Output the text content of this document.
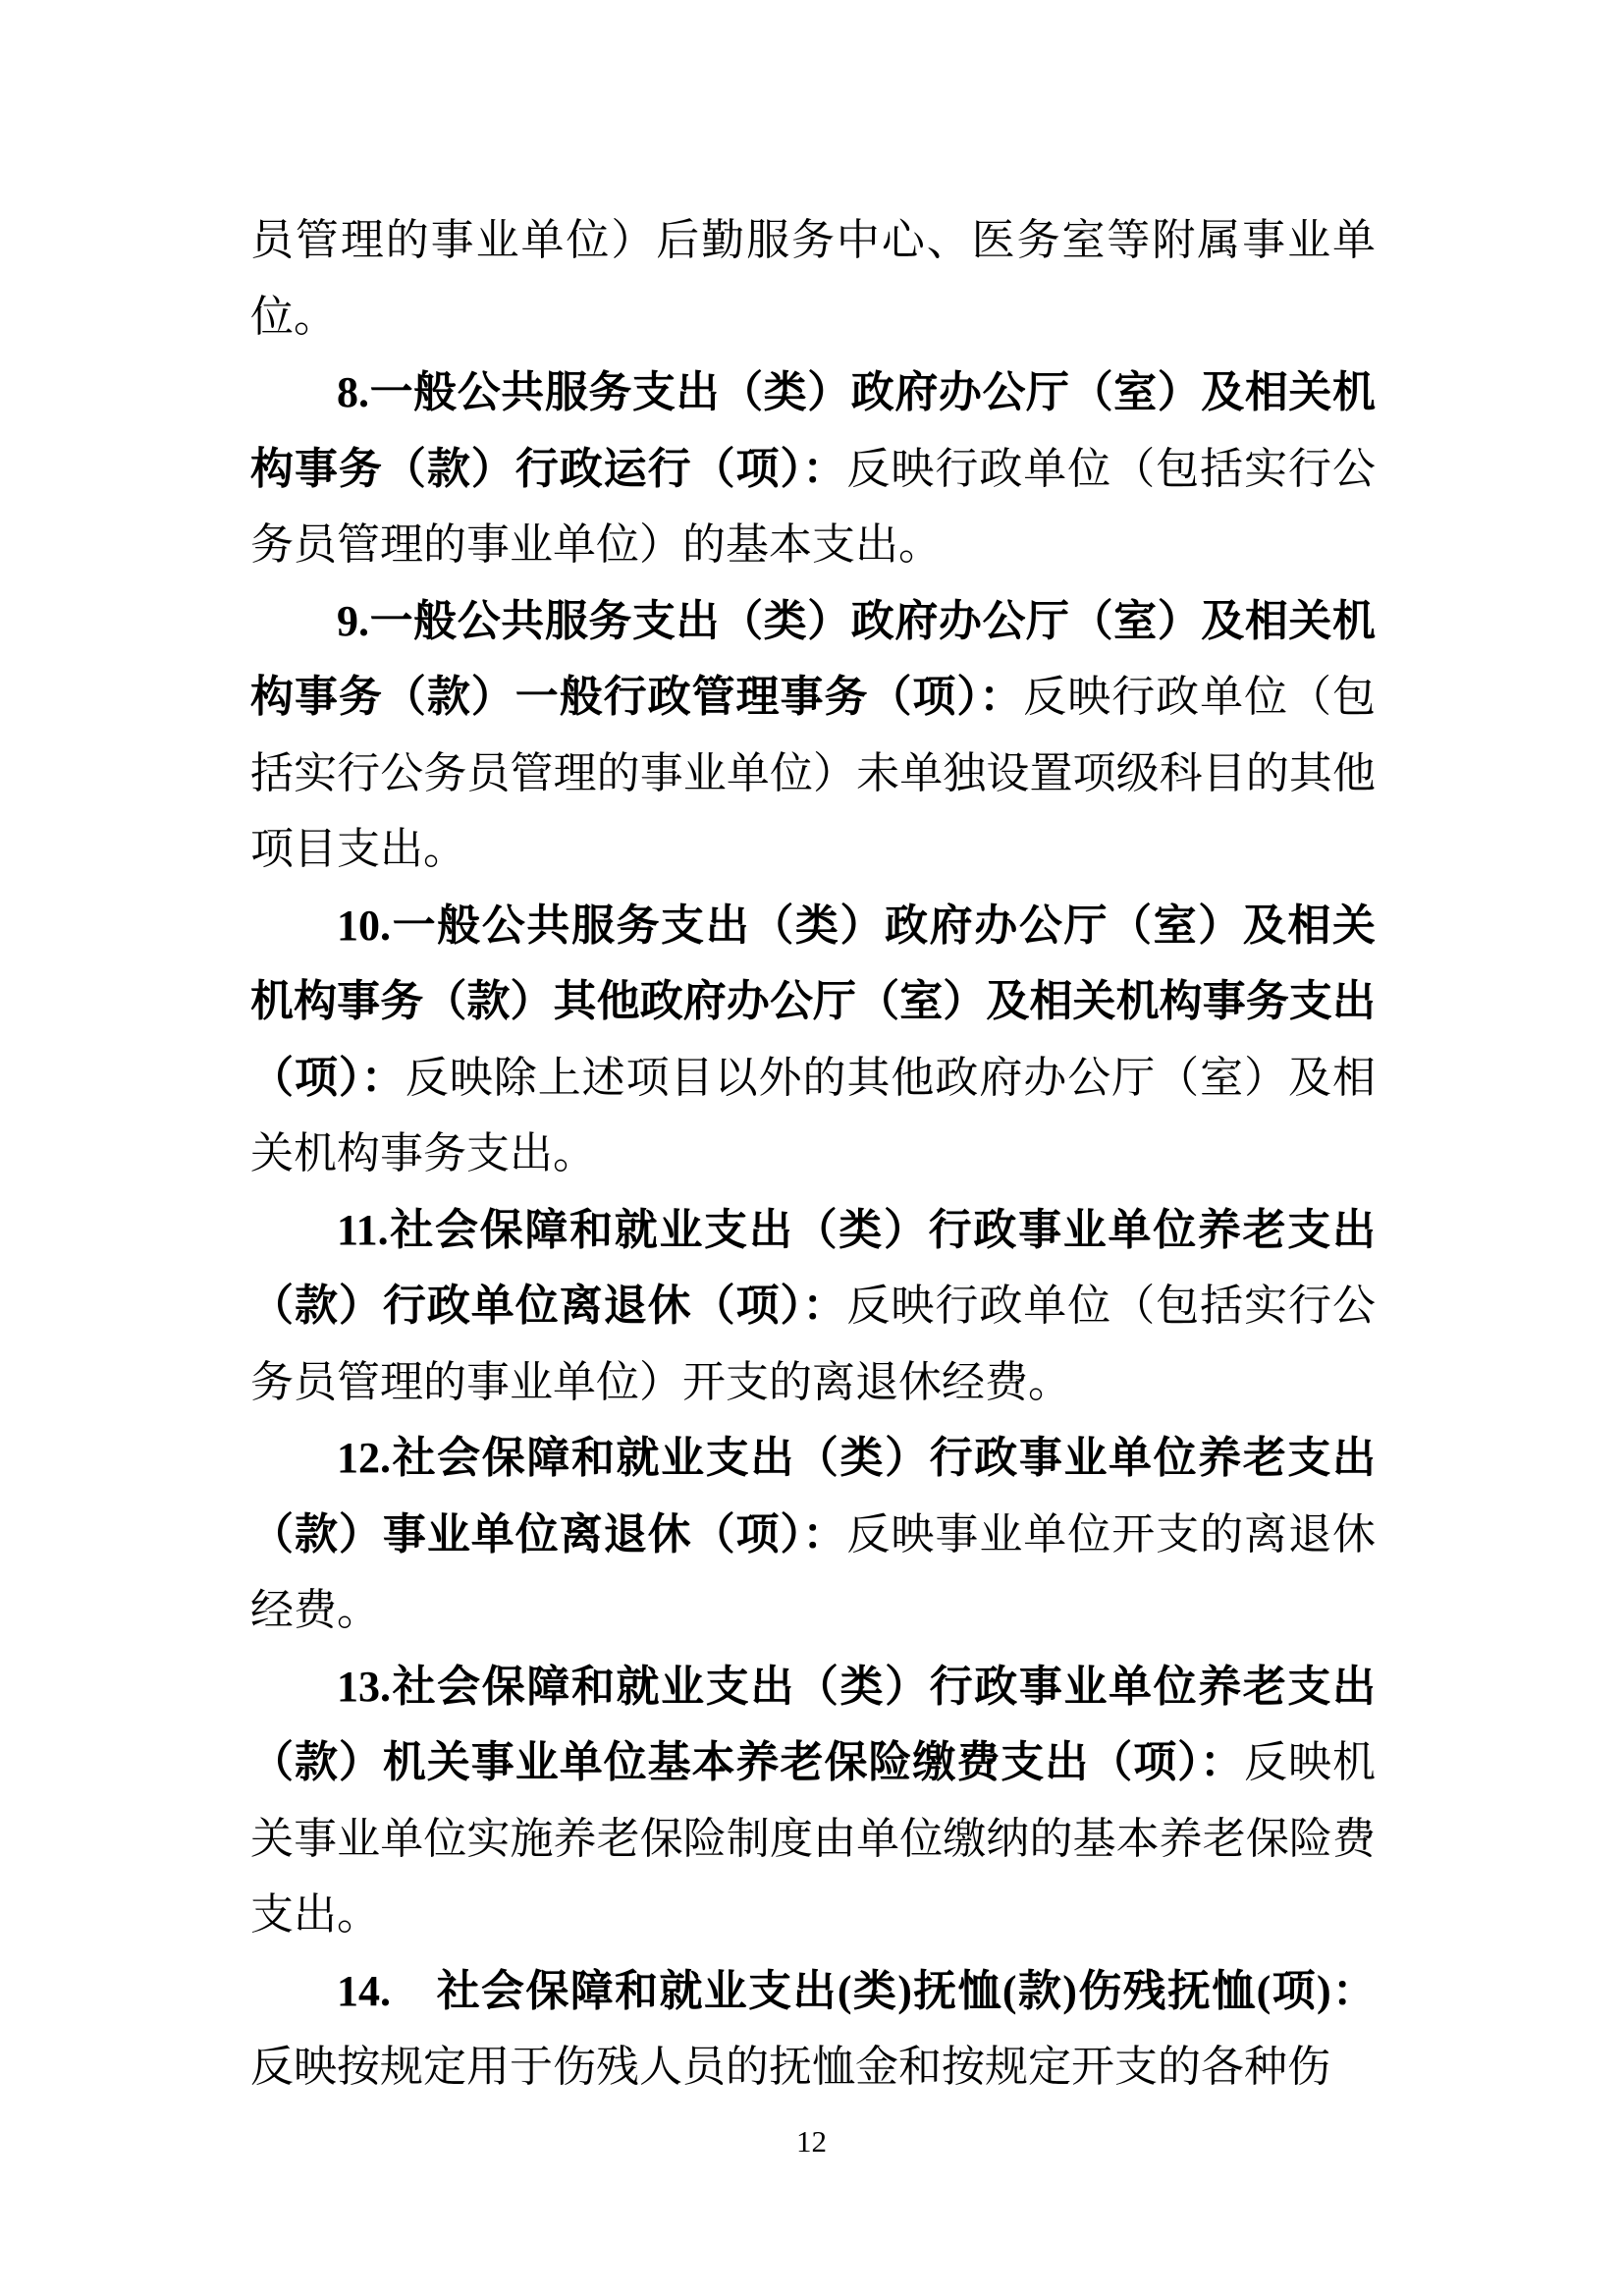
员管理的事业单位）后勤服务中心、医务室等附属事业单位。

8.一般公共服务支出（类）政府办公厅（室）及相关机构事务（款）行政运行（项）：反映行政单位（包括实行公务员管理的事业单位）的基本支出。

9.一般公共服务支出（类）政府办公厅（室）及相关机构事务（款）一般行政管理事务（项）：反映行政单位（包括实行公务员管理的事业单位）未单独设置项级科目的其他项目支出。

10.一般公共服务支出（类）政府办公厅（室）及相关机构事务（款）其他政府办公厅（室）及相关机构事务支出（项）：反映除上述项目以外的其他政府办公厅（室）及相关机构事务支出。

11.社会保障和就业支出（类）行政事业单位养老支出（款）行政单位离退休（项）：反映行政单位（包括实行公务员管理的事业单位）开支的离退休经费。

12.社会保障和就业支出（类）行政事业单位养老支出（款）事业单位离退休（项）：反映事业单位开支的离退休经费。

13.社会保障和就业支出（类）行政事业单位养老支出（款）机关事业单位基本养老保险缴费支出（项）：反映机关事业单位实施养老保险制度由单位缴纳的基本养老保险费支出。

14.　社会保障和就业支出(类)抚恤(款)伤残抚恤(项)：反映按规定用于伤残人员的抚恤金和按规定开支的各种伤

12
